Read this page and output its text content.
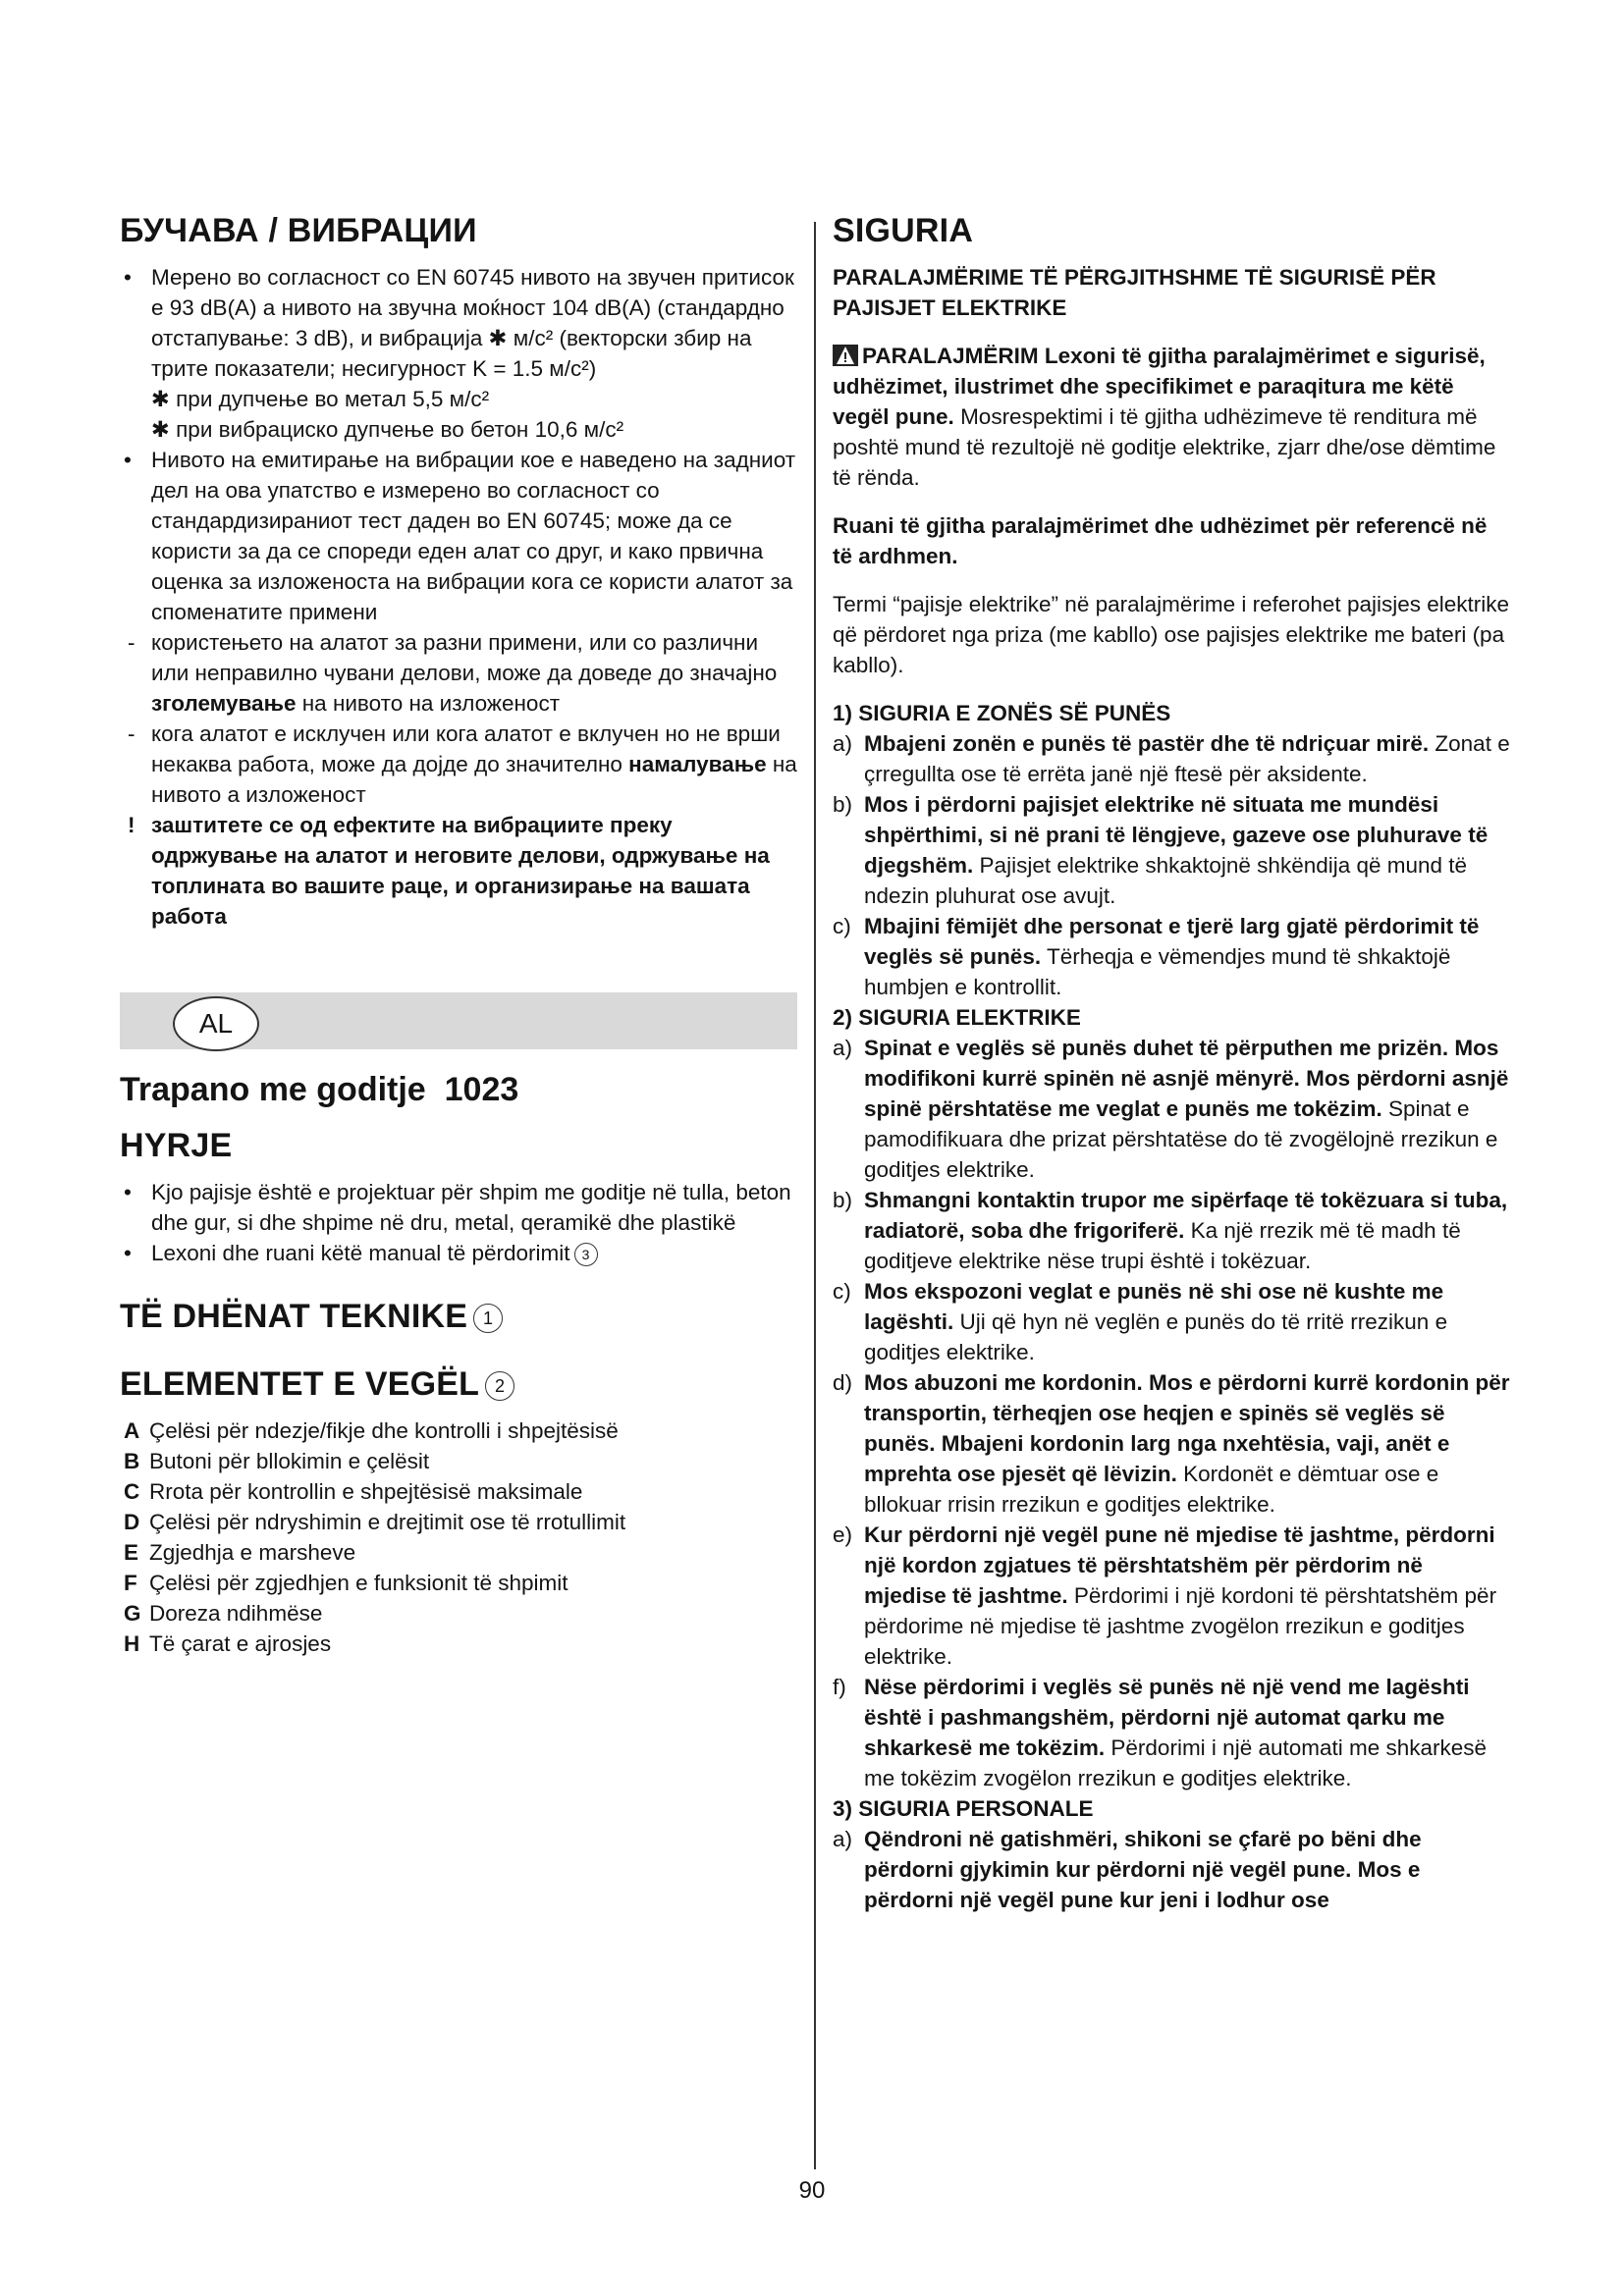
БУЧАВА / ВИБРАЦИИ
• Мерено во согласност со EN 60745 нивото на звучен притисок е 93 dB(A) а нивото на звучна моќност 104 dB(A) (стандардно отстапување: 3 dB), и вибрација ✱ м/с² (векторски збир на трите показатели; несигурност K = 1.5 м/с²)

✱ при дупчење во метал 5,5 м/с²

✱ при вибрациско дупчење во бетон 10,6 м/с²

• Нивото на емитирање на вибрации кое е наведено на задниот дел на ова упатство е измерено во согласност со стандардизираниот тест даден во EN 60745; може да се користи за да се спореди еден алат со друг, и како првична оценка за изложеноста на вибрации кога се користи алатот за споменатите примени
- користењето на алатот за разни примени, или со различни или неправилно чувани делови, може да доведе до значајно зголемување на нивото на изложеност
- кога алатот е исклучен или кога алатот е вклучен но не врши некаква работа, може да дојде до значително намалување на нивото а изложеност

! заштитете се од ефектите на вибрациите преку одржување на алатот и неговите делови, одржување на топлината во вашите раце, и организирање на вашата работа

AL
Trapano me goditje 1023
HYRJE
• Kjo pajisje është e projektuar për shpim me goditje në tulla, beton dhe gur, si dhe shpime në dru, metal, qeramikë dhe plastikë
• Lexoni dhe ruani këtë manual të përdorimit 3
TË DHËNAT TEKNIKE 1
ELEMENTET E VEGËL 2
A Çelësi për ndezje/fikje dhe kontrolli i shpejtësisë
B Butoni për bllokimin e çelësit
C Rrota për kontrollin e shpejtësisë maksimale
D Çelësi për ndryshimin e drejtimit ose të rrotullimit
E Zgjedhja e marsheve
F Çelësi për zgjedhjen e funksionit të shpimit
G Doreza ndihmëse
H Të çarat e ajrosjes
SIGURIA

PARALAJMËRIME TË PËRGJITHSHME TË SIGURISË PËR PAJISJET ELEKTRIKE

PARALAJMËRIM Lexoni të gjitha paralajmërimet e sigurisë, udhëzimet, ilustrimet dhe specifikimet e paraqitura me këtë vegël pune. Mosrespektimi i të gjitha udhëzimeve të renditura më poshtë mund të rezultojë në goditje elektrike, zjarr dhe/ose dëmtime të rënda.

Ruani të gjitha paralajmërimet dhe udhëzimet për referencë në të ardhmen.

Termi “pajisje elektrike” në paralajmërime i referohet pajisjes elektrike që përdoret nga priza (me kabllo) ose pajisjes elektrike me bateri (pa kabllo).

1) SIGURIA E ZONËS SË PUNËS

a) Mbajeni zonën e punës të pastër dhe të ndriçuar mirë. Zonat e çrregullta ose të errëta janë një ftesë për aksidente.
b) Mos i përdorni pajisjet elektrike në situata me mundësi shpërthimi, si në prani të lëngjeve, gazeve ose pluhurave të djegshëm. Pajisjet elektrike shkaktojnë shkëndija që mund të ndezin pluhurat ose avujt.
c) Mbajini fëmijët dhe personat e tjerë larg gjatë përdorimit të veglës së punës. Tërheqja e vëmendjes mund të shkaktojë humbjen e kontrollit.

2) SIGURIA ELEKTRIKE

a) Spinat e veglës së punës duhet të përputhen me prizën. Mos modifikoni kurrë spinën në asnjë mënyrë. Mos përdorni asnjë spinë përshtatëse me veglat e punës me tokëzim. Spinat e pamodifikuara dhe prizat përshtatëse do të zvogëlojnë rrezikun e goditjes elektrike.
b) Shmangni kontaktin trupor me sipërfaqe të tokëzuara si tuba, radiatorë, soba dhe frigoriferë. Ka një rrezik më të madh të goditjeve elektrike nëse trupi është i tokëzuar.
c) Mos ekspozoni veglat e punës në shi ose në kushte me lagështi. Uji që hyn në veglën e punës do të rritë rrezikun e goditjes elektrike.
d) Mos abuzoni me kordonin. Mos e përdorni kurrë kordonin për transportin, tërheqjen ose heqjen e spinës së veglës së punës. Mbajeni kordonin larg nga nxehtësia, vaji, anët e mprehta ose pjesët që lëvizin. Kordonët e dëmtuar ose e bllokuar rrisin rrezikun e goditjes elektrike.
e) Kur përdorni një vegël pune në mjedise të jashtme, përdorni një kordon zgjatues të përshtatshëm për përdorim në mjedise të jashtme. Përdorimi i një kordoni të përshtatshëm për përdorime në mjedise të jashtme zvogëlon rrezikun e goditjes elektrike.
f) Nëse përdorimi i veglës së punës në një vend me lagështi është i pashmangshëm, përdorni një automat qarku me shkarkesë me tokëzim. Përdorimi i një automati me shkarkesë me tokëzim zvogëlon rrezikun e goditjes elektrike.

3) SIGURIA PERSONALE

a) Qëndroni në gatishmëri, shikoni se çfarë po bëni dhe përdorni gjykimin kur përdorni një vegël pune. Mos e përdorni një vegël pune kur jeni i lodhur ose
90
